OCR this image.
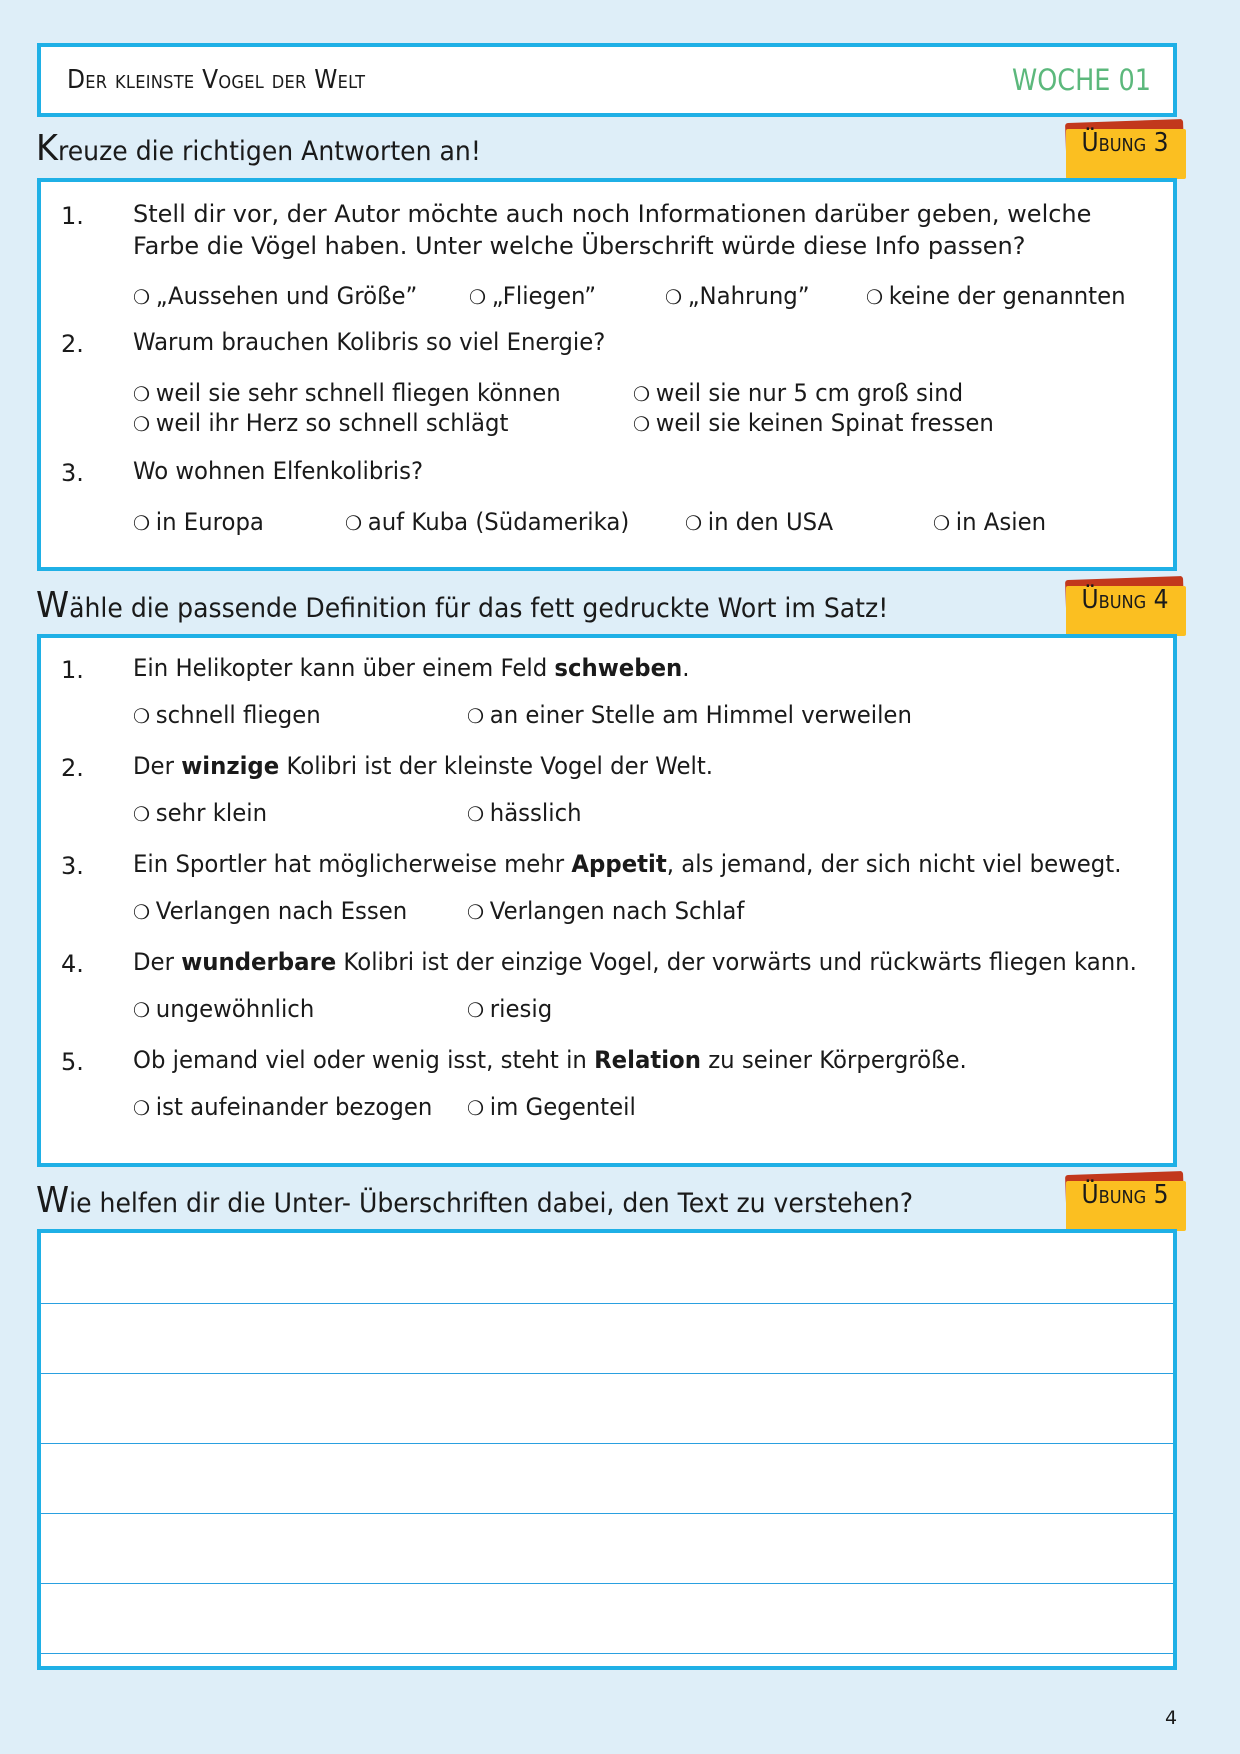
Der kleinste Vogel der Welt	WOCHE 01
Kreuze die richtigen Antworten an!	Übung 3
1. Stell dir vor, der Autor möchte auch noch Informationen darüber geben, welche Farbe die Vögel haben. Unter welche Überschrift würde diese Info passen?
❍ „Aussehen und Größe”	❍ „Fliegen”	❍ „Nahrung”	❍ keine der genannten
2. Warum brauchen Kolibris so viel Energie?
❍ weil sie sehr schnell fliegen können	❍ weil sie nur 5 cm groß sind
❍ weil ihr Herz so schnell schlägt	❍ weil sie keinen Spinat fressen
3. Wo wohnen Elfenkolibris?
❍ in Europa	❍ auf Kuba (Südamerika)	❍ in den USA	❍ in Asien
Wähle die passende Definition für das fett gedruckte Wort im Satz!	Übung 4
1. Ein Helikopter kann über einem Feld schweben.
❍ schnell fliegen	❍ an einer Stelle am Himmel verweilen
2. Der winzige Kolibri ist der kleinste Vogel der Welt.
❍ sehr klein	❍ hässlich
3. Ein Sportler hat möglicherweise mehr Appetit, als jemand, der sich nicht viel bewegt.
❍ Verlangen nach Essen	❍ Verlangen nach Schlaf
4. Der wunderbare Kolibri ist der einzige Vogel, der vorwärts und rückwärts fliegen kann.
❍ ungewöhnlich	❍ riesig
5. Ob jemand viel oder wenig isst, steht in Relation zu seiner Körpergröße.
❍ ist aufeinander bezogen ❍ im Gegenteil
Wie helfen dir die Unter- Überschriften dabei, den Text zu verstehen?	Übung 5
4
